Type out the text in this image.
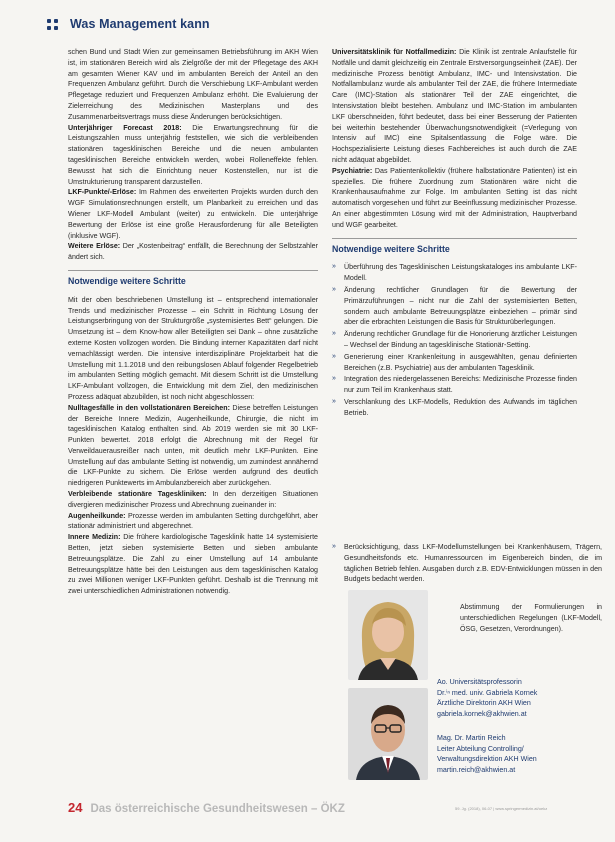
Was Management kann

schen Bund und Stadt Wien zur gemeinsamen Betriebsführung im AKH Wien ist, im stationären Bereich wird als Zielgröße der mit der Pflegetage des AKH am gesamten Wiener KAV und im ambulanten Bereich der Anteil an den Frequenzen Ambulanz geführt. Durch die Verschiebung LKF-Ambulant werden Pflegetage reduziert und Frequenzen Ambulanz erhöht. Die Evaluierung der Zielerreichung des Medizinischen Masterplans und des Zusammenarbeitsvertrags muss diese Änderungen berücksichtigen.

Unterjähriger Forecast 2018: Die Erwartungsrechnung für die Leistungszahlen muss unterjährig feststellen, wie sich die verbleibenden stationären tagesklinischen Bereiche und die neuen ambulanten tagesklinischen Bereiche entwickeln werden, wobei Rolleneffekte fehlen. Bewusst hat sich die Einrichtung neuer Kostenstellen, nur ist die Umstrukturierung transparent darzustellen.

LKF-Punkte/-Erlöse: Im Rahmen des erweiterten Projekts wurden durch den WGF Simulationsrechnungen erstellt, um Planbarkeit zu erreichen und das Wiener LKF-Modell Ambulant (weiter) zu entwickeln. Die unterjährige Bewertung der Erlöse ist eine große Herausforderung für alle Beteiligten (inklusive WGF).

Weitere Erlöse: Der „Kostenbeitrag“ entfällt, die Berechnung der Selbstzahler ändert sich.

Notwendige weitere Schritte

Mit der oben beschriebenen Umstellung ist – entsprechend internationaler Trends und medizinischer Prozesse – ein Schritt in Richtung Lösung der Leistungserbringung von der Strukturgröße „systemisiertes Bett“ gelungen. Die Umsetzung ist – dem Know-how aller Beteiligten sei Dank – ohne zusätzliche externe Kosten vollzogen worden. Die Bindung interner Kapazitäten darf nicht vernachlässigt werden. Die intensive interdisziplinäre Projektarbeit hat die Umstellung mit 1.1.2018 und den reibungslosen Ablauf folgender Regelbetrieb im ambulanten Setting möglich gemacht. Mit diesem Schritt ist die Umstellung LKF-Ambulant vollzogen, die Entwicklung mit dem Ziel, den medizinischen Prozess adäquat abzubilden, ist noch nicht abgeschlossen:

Nulltagesfälle in den vollstationären Bereichen: Diese betreffen Leistungen der Bereiche Innere Medizin, Augenheilkunde, Chirurgie, die nicht im tagesklinischen Katalog enthalten sind. Ab 2019 werden sie mit 30 LKF-Punkten bewertet. 2018 erfolgt die Abrechnung mit der Regel für Verweildauerausreißer nach unten, mit deutlich mehr LKF-Punkten. Eine Umstellung auf das ambulante Setting ist notwendig, um zumindest annähernd die LKF-Punkte zu sichern. Die Erlöse werden aufgrund des deutlich niedrigeren Punktewerts im Ambulanzbereich aber zurückgehen.

Verbleibende stationäre Tageskliniken: In den derzeitigen Situationen divergieren medizinischer Prozess und Abrechnung zueinander in:

Augenheilkunde: Prozesse werden im ambulanten Setting durchgeführt, aber stationär administriert und abgerechnet.

Innere Medizin: Die frühere kardiologische Tagesklinik hatte 14 systemisierte Betten, jetzt sieben systemisierte Betten und sieben ambulante Betreuungsplätze. Die Zahl zu einer Umstellung auf 14 ambulante Betreuungsplätze hätte bei den Leistungen aus dem tagesklinischen Katalog zu zwei Millionen weniger LKF-Punkten geführt. Deshalb ist die Trennung mit zwei unterschiedlichen Administrationen notwendig.

Universitätsklinik für Notfallmedizin: Die Klinik ist zentrale Anlaufstelle für Notfälle und damit gleichzeitig ein Zentrale Erstversorgungseinheit (ZAE). Der medizinische Prozess benötigt Ambulanz, IMC- und Intensivstation. Die Notfallambulanz wurde als ambulanter Teil der ZAE, die frühere Intermediate Care (IMC)-Station als stationärer Teil der ZAE eingerichtet, die Intensivstation bleibt bestehen. Ambulanz und IMC-Station im ambulanten LKF überschneiden, führt bedeutet, dass bei einer Besserung der Patienten bei weiterhin bestehender Überwachungsnotwendigkeit (=Verlegung von Intensiv auf IMC) eine Spitalsentlassung die Folge wäre. Die Hochspezialisierte Leistung dieses Fachbereiches ist auch durch die ZAE nicht adäquat abgebildet.

Psychiatrie: Das Patientenkollektiv (frühere halbstationäre Patienten) ist ein spezielles. Die frühere Zuordnung zum Stationären wäre nicht die Krankenhausaufnahme zur Folge. Im ambulanten Setting ist das nicht automatisch vorgesehen und führt zur Beeinflussung medizinischer Prozesse. An einer abgestimmten Lösung wird mit der Administration, Hauptverband und WGF gearbeitet.

Notwendige weitere Schritte
» Überführung des Tagesklinischen Leistungskataloges ins ambulante LKF-Modell.
» Änderung rechtlicher Grundlagen für die Bewertung der Primärzuführungen – nicht nur die Zahl der systemisierten Betten, sondern auch ambulante Betreuungsplätze einbeziehen – primär sind aber die erbrachten Leistungen die Basis für Strukturüberlegungen.
» Änderung rechtlicher Grundlage für die Honorierung ärztlicher Leistungen – Wechsel der Bindung an tagesklinische Stationär-Setting.
» Generierung einer Krankenleitung in ausgewählten, genau definierten Bereichen (z.B. Psychiatrie) aus der ambulanten Tagesklinik.
» Integration des niedergelassenen Bereichs: Medizinische Prozesse finden nur zum Teil im Krankenhaus statt.
» Verschlankung des LKF-Modells, Reduktion des Aufwands im täglichen Betrieb.
» Berücksichtigung, dass LKF-Modellumstellungen bei Krankenhäusern, Trägern, Gesundheitsfonds etc. Humanressourcen im Eigenbereich binden, die im täglichen Betrieb fehlen. Ausgaben durch z.B. EDV-Entwicklungen müssen in den Budgets bedacht werden.
Abstimmung der Formulierungen in unterschiedlichen Regelungen (LKF-Modell, ÖSG, Gesetzen, Verordnungen).
Ao. Universitätsprofessorin
Dr.ⁱⁿ med. univ. Gabriela Kornek
Ärztliche Direktorin AKH Wien
gabriela.kornek@akhwien.at
Mag. Dr. Martin Reich
Leiter Abteilung Controlling/
Verwaltungsdirektion AKH Wien
martin.reich@akhwien.at
24 Das österreichische Gesundheitswesen – ÖKZ	59. Jg. (2018), 06-07 | www.springermedizin.at/oekz
